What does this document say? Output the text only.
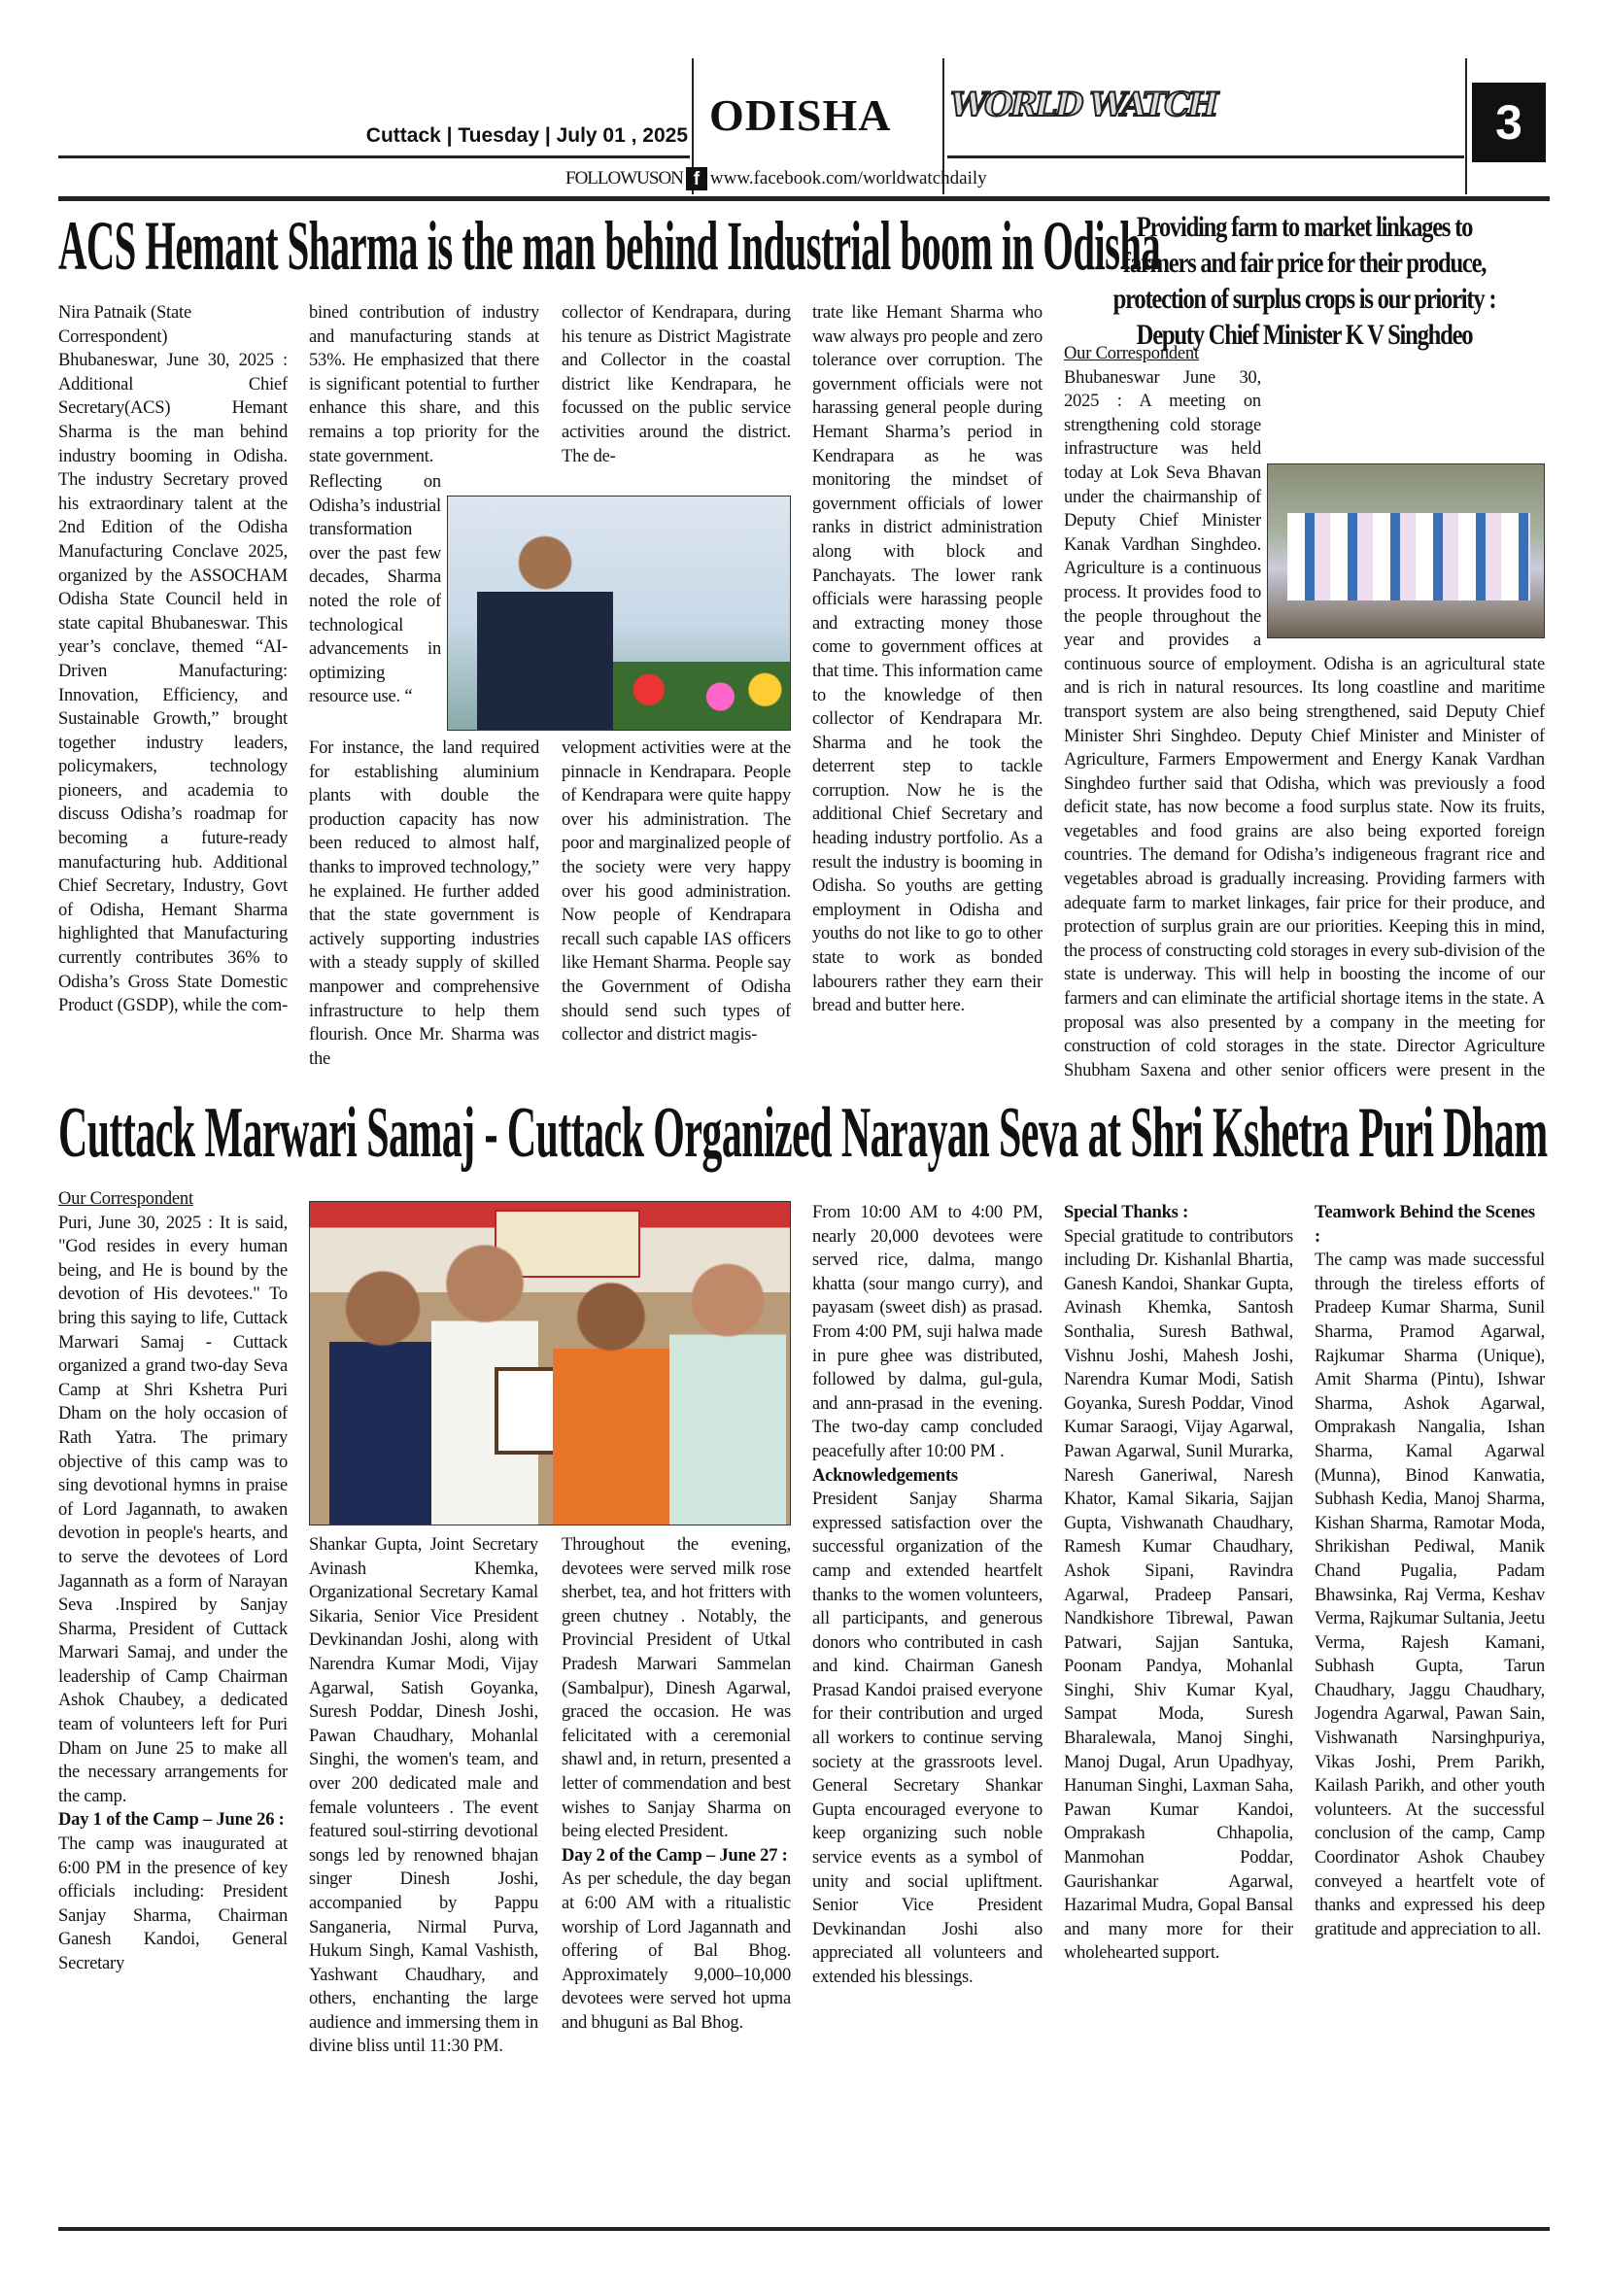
Cuttack | Tuesday | July 01 , 2025 ODISHA WORLD WATCH	3
FOLLOWUSON f www.facebook.com/worldwatchdaily
ACS Hemant Sharma is the man behind Industrial boom in Odisha

Nira Patnaik (State Correspondent)

Bhubaneswar, June 30, 2025 : Additional Chief Secretary(ACS) Hemant Sharma is the man behind industry booming in Odisha. The industry Secretary proved his extraordinary talent at the 2nd Edition of the Odisha Manufacturing Conclave 2025, organized by the ASSOCHAM Odisha State Council held in state capital Bhubaneswar. This year’s conclave, themed “AI-Driven Manufacturing: Innovation, Efficiency, and Sustainable Growth,” brought together industry leaders, policymakers, technology pioneers, and academia to discuss Odisha’s roadmap for becoming a future-ready manufacturing hub. Additional Chief Secretary, Industry, Govt of Odisha, Hemant Sharma highlighted that Manufacturing currently contributes 36% to Odisha’s Gross State Domestic Product (GSDP), while the com-

bined contribution of industry and manufacturing stands at 53%. He emphasized that there is significant potential to further enhance this share, and this remains a top priority for the state government.
Reflecting on Odisha’s industrial transformation over the past few decades, Sharma noted the role of technological advancements in optimizing resource use. “
For instance, the land required for establishing aluminium plants with double the production capacity has now been reduced to almost half, thanks to improved technology,” he explained. He further added that the state government is actively supporting industries with a steady supply of skilled manpower and comprehensive infrastructure to help them flourish. Once Mr. Sharma was the
collector of Kendrapara, during his tenure as District Magistrate and Collector in the coastal district like Kendrapara, he focussed on the public service activities around the district. The de-
velopment activities were at the pinnacle in Kendrapara. People of Kendrapara were quite happy over his administration. The poor and marginalized people of the society were very happy over his good administration. Now people of Kendrapara recall such capable IAS officers like Hemant Sharma. People say the Government of Odisha should send such types of collector and district magis-
trate like Hemant Sharma who waw always pro people and zero tolerance over corruption. The government officials were not harassing general people during Hemant Sharma’s period in Kendrapara as he was monitoring the mindset of government officials of lower ranks in district administration along with block and Panchayats. The lower rank officials were harassing people and extracting money those come to government offices at that time. This information came to the knowledge of then collector of Kendrapara Mr. Sharma and he took the deterrent step to tackle corruption. Now he is the additional Chief Secretary and heading industry portfolio. As a result the industry is booming in Odisha. So youths are getting employment in Odisha and youths do not like to go to other state to work as bonded labourers rather they earn their bread and butter here.
Providing farm to market linkages to farmers and fair price for their produce, protection of surplus crops is our priority : Deputy Chief Minister K V Singhdeo

Our Correspondent

Bhubaneswar June 30, 2025 : A meeting on strengthening cold storage infrastructure was held today at Lok Seva Bhavan under the chairmanship of Deputy Chief Minister Kanak Vardhan Singhdeo. Agriculture is a continuous process. It provides food to the people throughout the year and provides a continuous source of employment. Odisha is an agricultural state and is rich in natural resources. Its long coastline and maritime transport system are also being strengthened, said Deputy Chief Minister Shri Singhdeo. Deputy Chief Minister and Minister of Agriculture, Farmers Empowerment and Energy Kanak Vardhan Singhdeo further said that Odisha, which was previously a food deficit state, has now become a food surplus state. Now its fruits, vegetables and food grains are also being exported foreign countries. The demand for Odisha’s indigeneous fragrant rice and vegetables abroad is gradually increasing. Providing farmers with adequate farm to market linkages, fair price for their produce, and protection of surplus grain are our priorities. Keeping this in mind, the process of constructing cold storages in every sub-division of the state is underway. This will help in boosting the income of our farmers and can eliminate the artificial shortage items in the state. A proposal was also presented by a company in the meeting for construction of cold storages in the state. Director Agriculture Shubham Saxena and other senior officers were present in the

Cuttack Marwari Samaj - Cuttack Organized Narayan Seva at Shri Kshetra Puri Dham

Our Correspondent

Puri, June 30, 2025 : It is said, "God resides in every human being, and He is bound by the devotion of His devotees." To bring this saying to life, Cuttack Marwari Samaj - Cuttack organized a grand two-day Seva Camp at Shri Kshetra Puri Dham on the holy occasion of Rath Yatra. The primary objective of this camp was to sing devotional hymns in praise of Lord Jagannath, to awaken devotion in people's hearts, and to serve the devotees of Lord Jagannath as a form of Narayan Seva .Inspired by Sanjay Sharma, President of Cuttack Marwari Samaj, and under the leadership of Camp Chairman Ashok Chaubey, a dedicated team of volunteers left for Puri Dham on June 25 to make all the necessary arrangements for the camp.

Day 1 of the Camp – June 26 :

The camp was inaugurated at 6:00 PM in the presence of key officials including: President Sanjay Sharma, Chairman Ganesh Kandoi, General Secretary

Shankar Gupta, Joint Secretary Avinash Khemka, Organizational Secretary Kamal Sikaria, Senior Vice President Devkinandan Joshi, along with Narendra Kumar Modi, Vijay Agarwal, Satish Goyanka, Suresh Poddar, Dinesh Joshi, Pawan Chaudhary, Mohanlal Singhi, the women's team, and over 200 dedicated male and female volunteers . The event featured soul-stirring devotional songs led by renowned bhajan singer Dinesh Joshi, accompanied by Pappu Sanganeria, Nirmal Purva, Hukum Singh, Kamal Vashisth, Yashwant Chaudhary, and others, enchanting the large audience and immersing them in divine bliss until 11:30 PM.

Throughout the evening, devotees were served milk rose sherbet, tea, and hot fritters with green chutney . Notably, the Provincial President of Utkal Pradesh Marwari Sammelan (Sambalpur), Dinesh Agarwal, graced the occasion. He was felicitated with a ceremonial shawl and, in return, presented a letter of commendation and best wishes to Sanjay Sharma on being elected President.

Day 2 of the Camp – June 27 :

As per schedule, the day began at 6:00 AM with a ritualistic worship of Lord Jagannath and offering of Bal Bhog. Approximately 9,000–10,000 devotees were served hot upma and bhuguni as Bal Bhog.

From 10:00 AM to 4:00 PM, nearly 20,000 devotees were served rice, dalma, mango khatta (sour mango curry), and payasam (sweet dish) as prasad. From 4:00 PM, suji halwa made in pure ghee was distributed, followed by dalma, gul-gula, and ann-prasad in the evening. The two-day camp concluded peacefully after 10:00 PM .

Acknowledgements

President Sanjay Sharma expressed satisfaction over the successful organization of the camp and extended heartfelt thanks to the women volunteers, all participants, and generous donors who contributed in cash and kind. Chairman Ganesh Prasad Kandoi praised everyone for their contribution and urged all workers to continue serving society at the grassroots level. General Secretary Shankar Gupta encouraged everyone to keep organizing such noble service events as a symbol of unity and social upliftment. Senior Vice President Devkinandan Joshi also appreciated all volunteers and extended his blessings.

Special Thanks :

Special gratitude to contributors including Dr. Kishanlal Bhartia, Ganesh Kandoi, Shankar Gupta, Avinash Khemka, Santosh Sonthalia, Suresh Bathwal, Vishnu Joshi, Mahesh Joshi, Narendra Kumar Modi, Satish Goyanka, Suresh Poddar, Vinod Kumar Saraogi, Vijay Agarwal, Pawan Agarwal, Sunil Murarka, Naresh Ganeriwal, Naresh Khator, Kamal Sikaria, Sajjan Gupta, Vishwanath Chaudhary, Ramesh Kumar Chaudhary, Ashok Sipani, Ravindra Agarwal, Pradeep Pansari, Nandkishore Tibrewal, Pawan Patwari, Sajjan Santuka, Poonam Pandya, Mohanlal Singhi, Shiv Kumar Kyal, Sampat Moda, Suresh Bharalewala, Manoj Singhi, Manoj Dugal, Arun Upadhyay, Hanuman Singhi, Laxman Saha, Pawan Kumar Kandoi, Omprakash Chhapolia, Manmohan Poddar, Gaurishankar Agarwal, Hazarimal Mudra, Gopal Bansal and many more for their wholehearted support.

Teamwork Behind the Scenes :

The camp was made successful through the tireless efforts of Pradeep Kumar Sharma, Sunil Sharma, Pramod Agarwal, Rajkumar Sharma (Unique), Amit Sharma (Pintu), Ishwar Sharma, Ashok Agarwal, Omprakash Nangalia, Ishan Sharma, Kamal Agarwal (Munna), Binod Kanwatia, Subhash Kedia, Manoj Sharma, Kishan Sharma, Ramotar Moda, Shrikishan Pediwal, Manik Chand Pugalia, Padam Bhawsinka, Raj Verma, Keshav Verma, Rajkumar Sultania, Jeetu Verma, Rajesh Kamani, Subhash Gupta, Tarun Chaudhary, Jaggu Chaudhary, Jogendra Agarwal, Pawan Sain, Vishwanath Narsinghpuriya, Vikas Joshi, Prem Parikh, Kailash Parikh, and other youth volunteers. At the successful conclusion of the camp, Camp Coordinator Ashok Chaubey conveyed a heartfelt vote of thanks and expressed his deep gratitude and appreciation to all.
